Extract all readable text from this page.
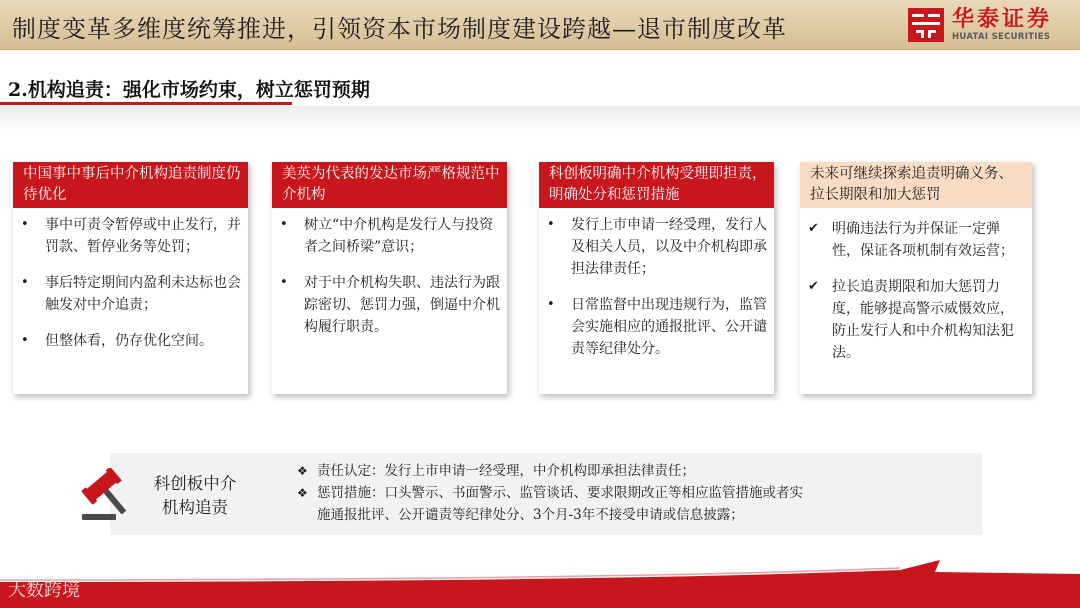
制度变革多维度统筹推进，引领资本市场制度建设跨越—退市制度改革	华泰证券
HUATAI SECURITIES
2.机构追责：强化市场约束，树立惩罚预期
中国事中事后中介机构追责制度仍待优化
•	事中可责令暂停或中止发行，并罚款、暂停业务等处罚；
•	事后特定期间内盈利未达标也会触发对中介追责；
•	但整体看，仍存优化空间。
美英为代表的发达市场严格规范中介机构
•	树立“中介机构是发行人与投资者之间桥梁”意识；
•	对于中介机构失职、违法行为跟踪密切、惩罚力强，倒逼中介机构履行职责。
科创板明确中介机构受理即担责，明确处分和惩罚措施
•	发行上市申请一经受理，发行人及相关人员，以及中介机构即承担法律责任；
•	日常监督中出现违规行为，监管会实施相应的通报批评、公开谴责等纪律处分。
未来可继续探索追责明确义务、拉长期限和加大惩罚
✔ 明确违法行为并保证一定弹性，保证各项机制有效运营；
✔ 拉长追责期限和加大惩罚力度，能够提高警示威慑效应，防止发行人和中介机构知法犯法。
科创板中介
机构追责
❖ 责任认定：发行上市申请一经受理，中介机构即承担法律责任；
❖ 惩罚措施：口头警示、书面警示、监管谈话、要求限期改正等相应监管措施或者实
施通报批评、公开谴责等纪律处分、3个月-3年不接受申请或信息披露；
大数跨境
